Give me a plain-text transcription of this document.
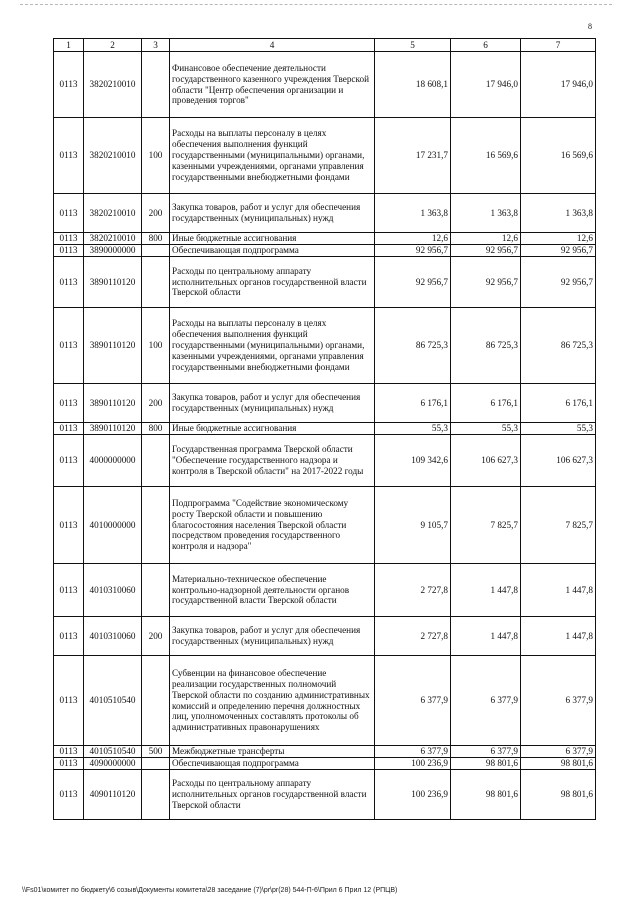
8
1	2	3	4	5	6	7
0113	3820210010		Финансовое обеспечение деятельности государственного казенного учреждения Тверской области "Центр обеспечения организации и проведения торгов"	18 608,1	17 946,0	17 946,0
0113	3820210010	100	Расходы на выплаты персоналу в целях обеспечения выполнения функций государственными (муниципальными) органами, казенными учреждениями, органами управления государственными внебюджетными фондами	17 231,7	16 569,6	16 569,6
0113	3820210010	200	Закупка товаров, работ и услуг для обеспечения государственных (муниципальных) нужд	1 363,8	1 363,8	1 363,8
0113	3820210010	800	Иные бюджетные ассигнования	12,6	12,6	12,6
0113	3890000000		Обеспечивающая подпрограмма	92 956,7	92 956,7	92 956,7
0113	3890110120		Расходы по центральному аппарату исполнительных органов государственной власти Тверской области	92 956,7	92 956,7	92 956,7
0113	3890110120	100	Расходы на выплаты персоналу в целях обеспечения выполнения функций государственными (муниципальными) органами, казенными учреждениями, органами управления государственными внебюджетными фондами	86 725,3	86 725,3	86 725,3
0113	3890110120	200	Закупка товаров, работ и услуг для обеспечения государственных (муниципальных) нужд	6 176,1	6 176,1	6 176,1
0113	3890110120	800	Иные бюджетные ассигнования	55,3	55,3	55,3
0113	4000000000		Государственная программа Тверской области "Обеспечение государственного надзора и контроля в Тверской области" на 2017-2022 годы	109 342,6	106 627,3	106 627,3
0113	4010000000		Подпрограмма "Содействие экономическому росту Тверской области и повышению благосостояния населения Тверской области посредством проведения государственного контроля и надзора"	9 105,7	7 825,7	7 825,7
0113	4010310060		Материально-техническое обеспечение контрольно-надзорной деятельности органов государственной власти Тверской области	2 727,8	1 447,8	1 447,8
0113	4010310060	200	Закупка товаров, работ и услуг для обеспечения государственных (муниципальных) нужд	2 727,8	1 447,8	1 447,8
0113	4010510540		Субвенции на финансовое обеспечение реализации государственных полномочий Тверской области по созданию административных комиссий и определению перечня должностных лиц, уполномоченных составлять протоколы об административных правонарушениях	6 377,9	6 377,9	6 377,9
0113	4010510540	500	Межбюджетные трансферты	6 377,9	6 377,9	6 377,9
0113	4090000000		Обеспечивающая подпрограмма	100 236,9	98 801,6	98 801,6
0113	4090110120		Расходы по центральному аппарату исполнительных органов государственной власти Тверской области	100 236,9	98 801,6	98 801,6
\\Fs01\комитет по бюджету\6 созыв\Документы комитета\28 заседание (7)\pr\pr(28) 544-П-6\Прил 6 Прил 12 (РПЦВ)
